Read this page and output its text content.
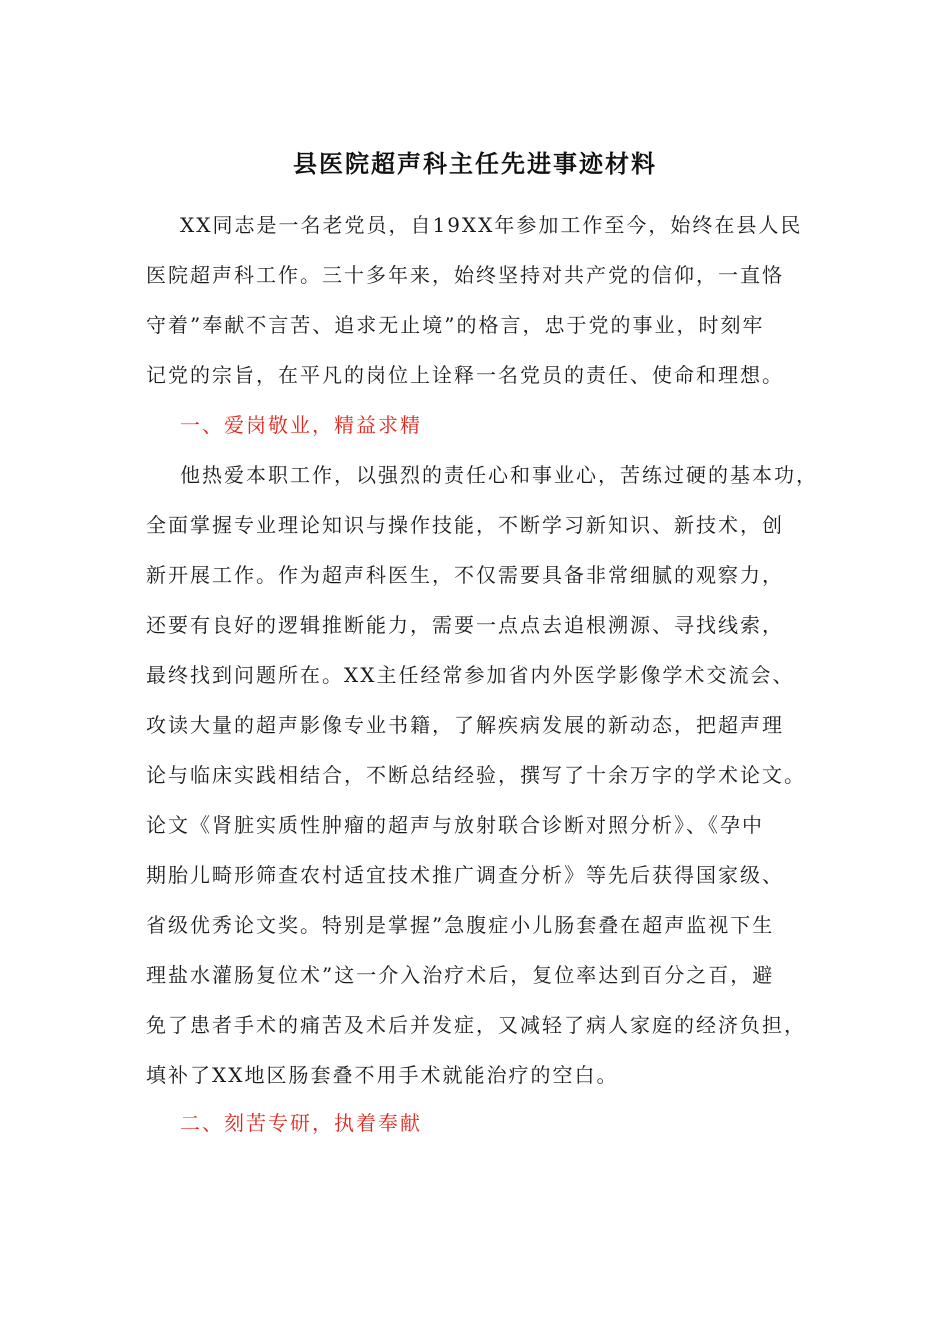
县医院超声科主任先进事迹材料
XX同志是一名老党员，自19XX年参加工作至今，始终在县人民
医院超声科工作。三十多年来，始终坚持对共产党的信仰，一直恪
守着”奉献不言苦、追求无止境”的格言，忠于党的事业，时刻牢
记党的宗旨，在平凡的岗位上诠释一名党员的责任、使命和理想。
一、爱岗敬业，精益求精
他热爱本职工作，以强烈的责任心和事业心，苦练过硬的基本功，
全面掌握专业理论知识与操作技能，不断学习新知识、新技术，创
新开展工作。作为超声科医生，不仅需要具备非常细腻的观察力，
还要有良好的逻辑推断能力，需要一点点去追根溯源、寻找线索，
最终找到问题所在。XX主任经常参加省内外医学影像学术交流会、
攻读大量的超声影像专业书籍，了解疾病发展的新动态，把超声理
论与临床实践相结合，不断总结经验，撰写了十余万字的学术论文。
论文《肾脏实质性肿瘤的超声与放射联合诊断对照分析》、《孕中
期胎儿畸形筛查农村适宜技术推广调查分析》等先后获得国家级、
省级优秀论文奖。特别是掌握”急腹症小儿肠套叠在超声监视下生
理盐水灌肠复位术”这一介入治疗术后，复位率达到百分之百，避
免了患者手术的痛苦及术后并发症，又减轻了病人家庭的经济负担，
填补了XX地区肠套叠不用手术就能治疗的空白。
二、刻苦专研，执着奉献
